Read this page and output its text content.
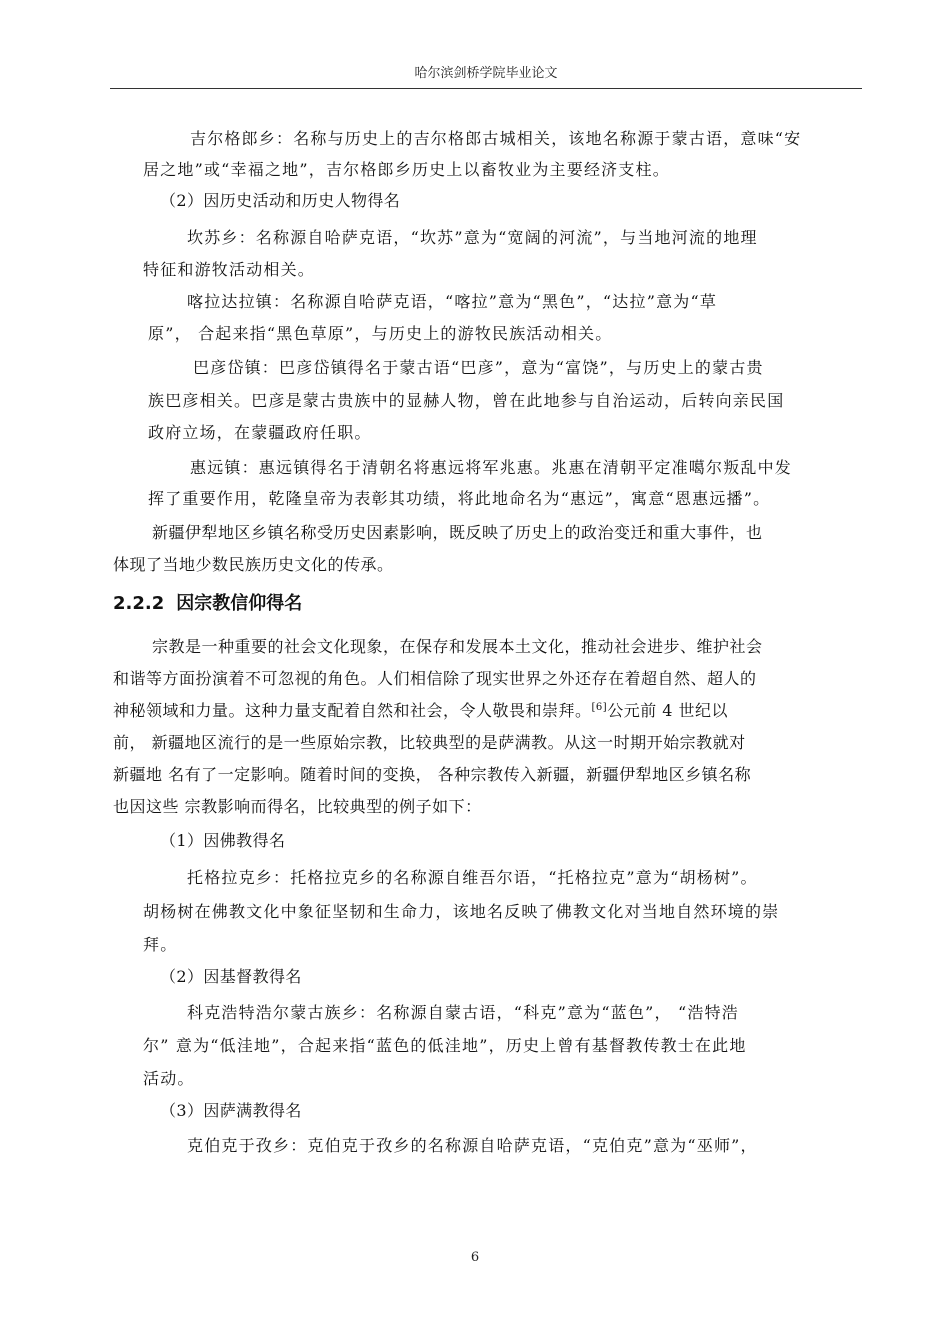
哈尔滨剑桥学院毕业论文

吉尔格郎乡：名称与历史上的吉尔格郎古城相关，该地名称源于蒙古语，意味“安

居之地”或“幸福之地”，吉尔格郎乡历史上以畜牧业为主要经济支柱。

（2）因历史活动和历史人物得名

坎苏乡：名称源自哈萨克语，“坎苏”意为“宽阔的河流”，与当地河流的地理

特征和游牧活动相关。

喀拉达拉镇：名称源自哈萨克语，“喀拉”意为“黑色”，“达拉”意为“草

原”， 合起来指“黑色草原”，与历史上的游牧民族活动相关。

巴彦岱镇：巴彦岱镇得名于蒙古语“巴彦”，意为“富饶”，与历史上的蒙古贵

族巴彦相关。巴彦是蒙古贵族中的显赫人物，曾在此地参与自治运动，后转向亲民国

政府立场，在蒙疆政府任职。

惠远镇：惠远镇得名于清朝名将惠远将军兆惠。兆惠在清朝平定准噶尔叛乱中发

挥了重要作用，乾隆皇帝为表彰其功绩，将此地命名为“惠远”，寓意“恩惠远播”。

新疆伊犁地区乡镇名称受历史因素影响，既反映了历史上的政治变迁和重大事件，也

体现了当地少数民族历史文化的传承。

2.2.2 因宗教信仰得名

宗教是一种重要的社会文化现象，在保存和发展本土文化，推动社会进步、维护社会

和谐等方面扮演着不可忽视的角色。人们相信除了现实世界之外还存在着超自然、超人的

神秘领域和力量。这种力量支配着自然和社会，令人敬畏和崇拜。[6]公元前 4 世纪以

前， 新疆地区流行的是一些原始宗教，比较典型的是萨满教。从这一时期开始宗教就对

新疆地 名有了一定影响。随着时间的变换， 各种宗教传入新疆，新疆伊犁地区乡镇名称

也因这些 宗教影响而得名，比较典型的例子如下：

（1）因佛教得名

托格拉克乡：托格拉克乡的名称源自维吾尔语，“托格拉克”意为“胡杨树”。

胡杨树在佛教文化中象征坚韧和生命力，该地名反映了佛教文化对当地自然环境的崇

拜。

（2）因基督教得名

科克浩特浩尔蒙古族乡：名称源自蒙古语，“科克”意为“蓝色”， “浩特浩

尔” 意为“低洼地”，合起来指“蓝色的低洼地”，历史上曾有基督教传教士在此地

活动。

（3）因萨满教得名

克伯克于孜乡：克伯克于孜乡的名称源自哈萨克语，“克伯克”意为“巫师”，

6
